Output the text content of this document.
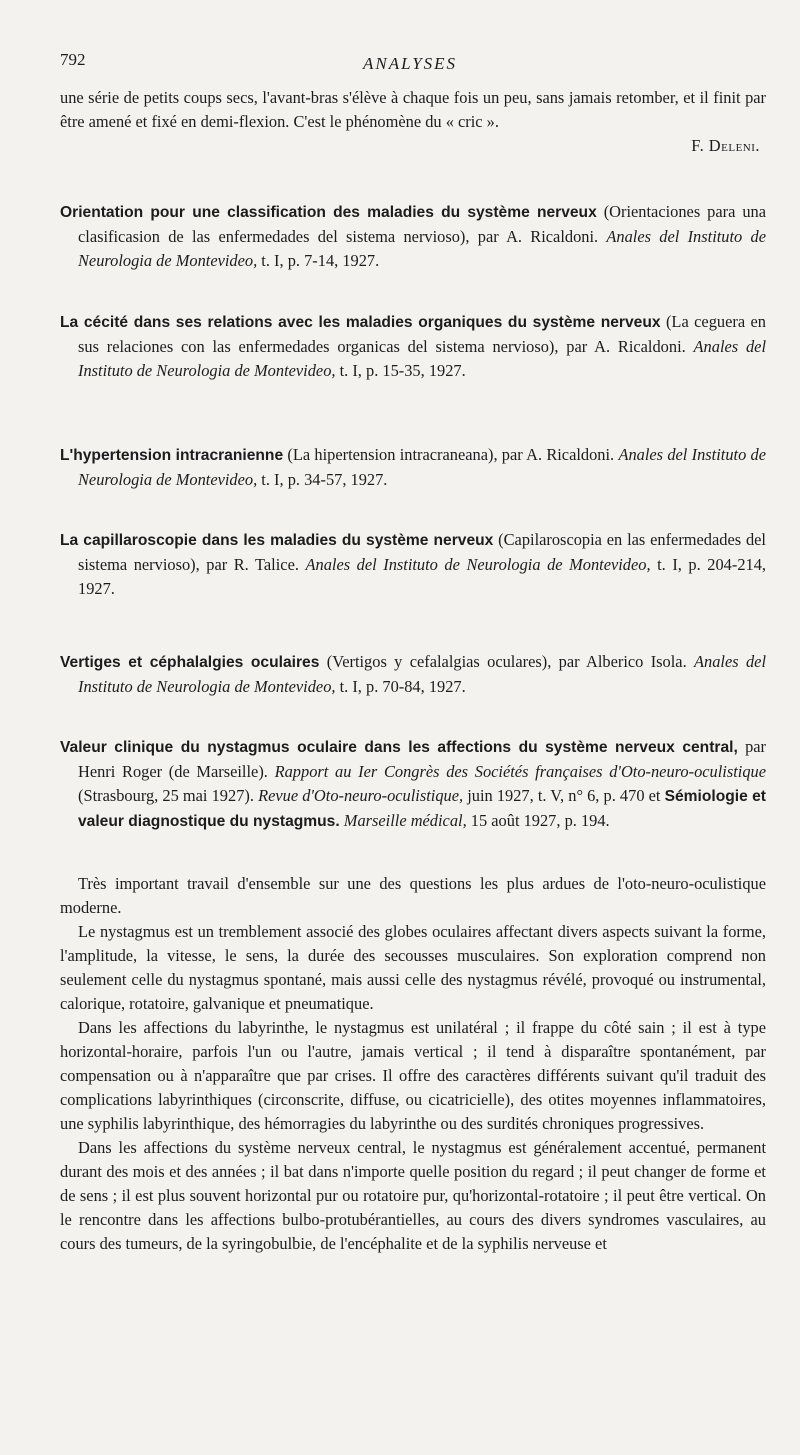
792	ANALYSES

une série de petits coups secs, l'avant-bras s'élève à chaque fois un peu, sans jamais retomber, et il finit par être amené et fixé en demi-flexion. C'est le phénomène du « cric ».

F. Deleni.

Orientation pour une classification des maladies du système nerveux (Orientaciones para una clasificasion de las enfermedades del sistema nervioso), par A. Ricaldoni. Anales del Instituto de Neurologia de Montevideo, t. I, p. 7-14, 1927.

La cécité dans ses relations avec les maladies organiques du système nerveux (La ceguera en sus relaciones con las enfermedades organicas del sistema nervioso), par A. Ricaldoni. Anales del Instituto de Neurologia de Montevideo, t. I, p. 15-35, 1927.

L'hypertension intracranienne (La hipertension intracraneana), par A. Ricaldoni. Anales del Instituto de Neurologia de Montevideo, t. I, p. 34-57, 1927.

La capillaroscopie dans les maladies du système nerveux (Capilaroscopia en las enfermedades del sistema nervioso), par R. Talice. Anales del Instituto de Neurologia de Montevideo, t. I, p. 204-214, 1927.

Vertiges et céphalalgies oculaires (Vertigos y cefalalgias oculares), par Alberico Isola. Anales del Instituto de Neurologia de Montevideo, t. I, p. 70-84, 1927.

Valeur clinique du nystagmus oculaire dans les affections du système nerveux central, par Henri Roger (de Marseille). Rapport au Ier Congrès des Sociétés françaises d'Oto-neuro-oculistique (Strasbourg, 25 mai 1927). Revue d'Oto-neuro-oculistique, juin 1927, t. V, n° 6, p. 470 et Sémiologie et valeur diagnostique du nystagmus. Marseille médical, 15 août 1927, p. 194.

Très important travail d'ensemble sur une des questions les plus ardues de l'oto-neuro-oculistique moderne.

Le nystagmus est un tremblement associé des globes oculaires affectant divers aspects suivant la forme, l'amplitude, la vitesse, le sens, la durée des secousses musculaires. Son exploration comprend non seulement celle du nystagmus spontané, mais aussi celle des nystagmus révélé, provoqué ou instrumental, calorique, rotatoire, galvanique et pneumatique.

Dans les affections du labyrinthe, le nystagmus est unilatéral ; il frappe du côté sain ; il est à type horizontal-horaire, parfois l'un ou l'autre, jamais vertical ; il tend à disparaître spontanément, par compensation ou à n'apparaître que par crises. Il offre des caractères différents suivant qu'il traduit des complications labyrinthiques (circonscrite, diffuse, ou cicatricielle), des otites moyennes inflammatoires, une syphilis labyrinthique, des hémorragies du labyrinthe ou des surdités chroniques progressives.

Dans les affections du système nerveux central, le nystagmus est généralement accentué, permanent durant des mois et des années ; il bat dans n'importe quelle position du regard ; il peut changer de forme et de sens ; il est plus souvent horizontal pur ou rotatoire pur, qu'horizontal-rotatoire ; il peut être vertical. On le rencontre dans les affections bulbo-protubérantielles, au cours des divers syndromes vasculaires, au cours des tumeurs, de la syringobulbie, de l'encéphalite et de la syphilis nerveuse et
